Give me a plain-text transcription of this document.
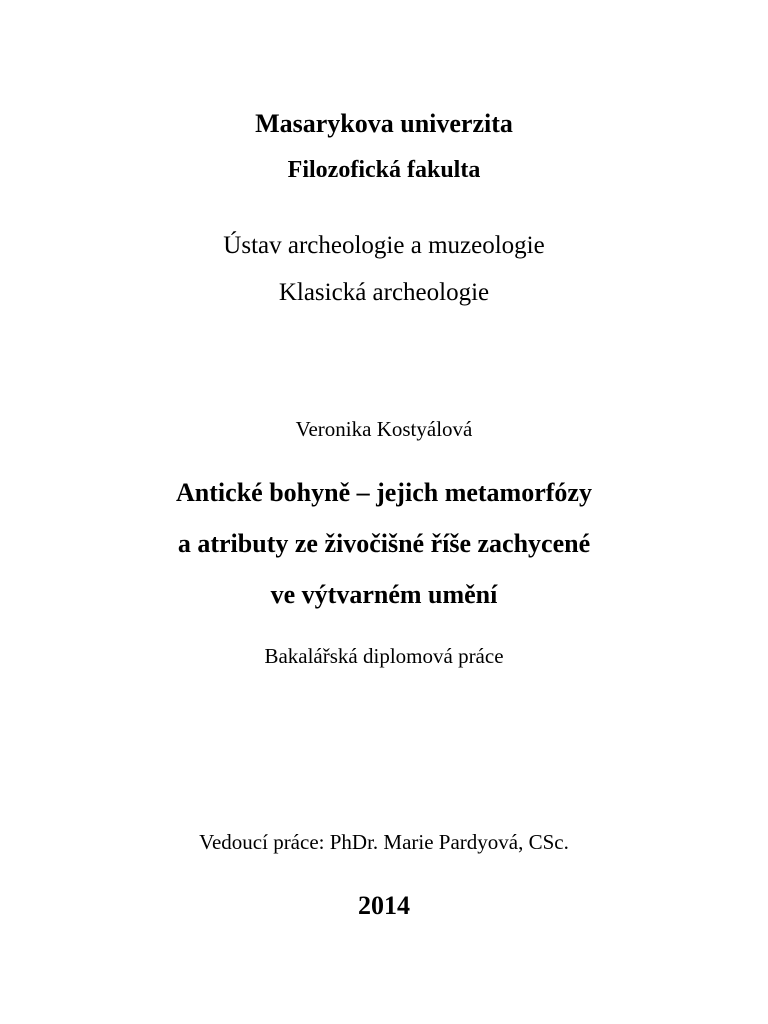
Masarykova univerzita
Filozofická fakulta
Ústav archeologie a muzeologie
Klasická archeologie
Veronika Kostyálová
Antické bohyně – jejich metamorfózy
a atributy ze živočišné říše zachycené
ve výtvarném umění
Bakalářská diplomová práce
Vedoucí práce: PhDr. Marie Pardyová, CSc.
2014
